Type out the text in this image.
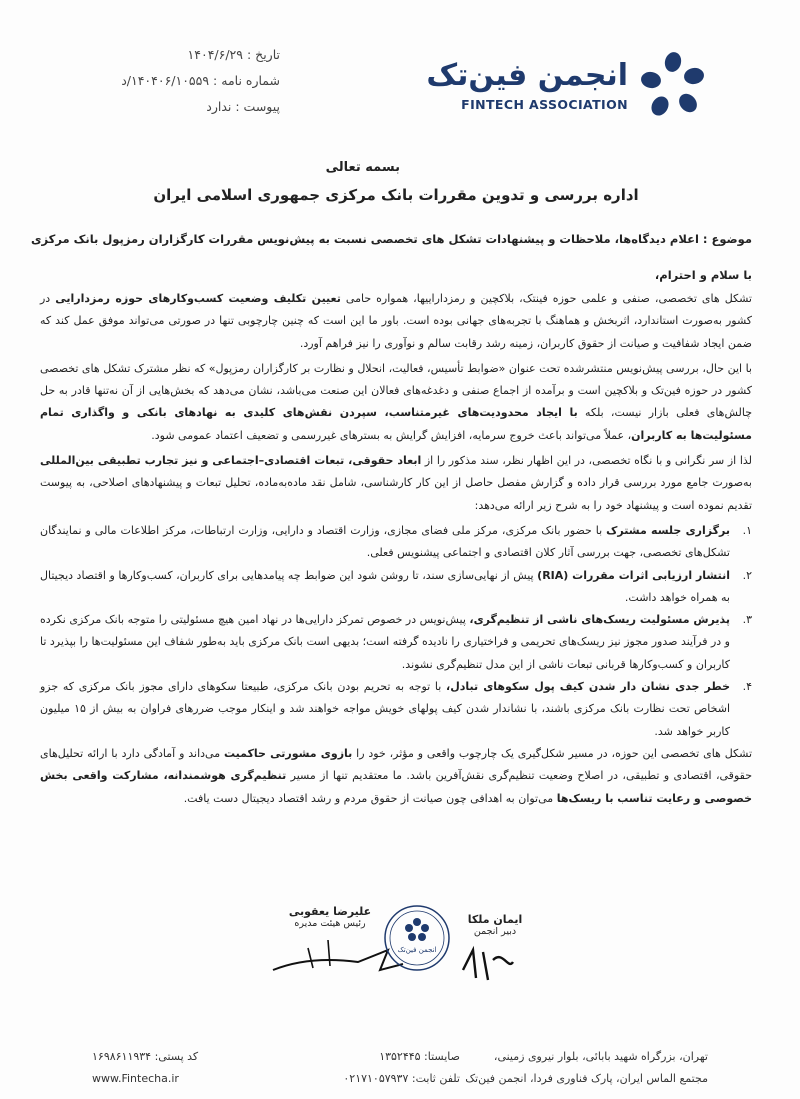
انجمن فین‌تک
FINTECH ASSOCIATION
تاریخ : ۱۴۰۴/۶/۲۹
شماره نامه : ۱۴۰۴۰۶/۱۰۵۵۹/د
پیوست : ندارد
بسمه تعالی
اداره بررسی و تدوین مقررات بانک مرکزی جمهوری اسلامی ایران
موضوع : اعلام دیدگاه‌ها، ملاحظات و پیشنهادات تشکل های تخصصی نسبت به پیش‌نویس مقررات کارگزاران رمزپول بانک مرکزی
با سلام و احترام،

تشکل های تخصصی، صنفی و علمی حوزه فینتک، بلاکچین و رمزداراییها، همواره حامی تعیین تکلیف وضعیت کسب‌وکارهای حوزه رمزدارایی در کشور به‌صورت استاندارد، اثربخش و هماهنگ با تجربه‌های جهانی بوده است. باور ما این است که چنین چارچوبی تنها در صورتی می‌تواند موفق عمل کند که ضمن ایجاد شفافیت و صیانت از حقوق کاربران، زمینه رشد رقابت سالم و نوآوری را نیز فراهم آورد.

با این حال، بررسی پیش‌نویس منتشرشده تحت عنوان «ضوابط تأسیس، فعالیت، انحلال و نظارت بر کارگزاران رمزپول» که نظر مشترک تشکل های تخصصی کشور در حوزه فین‌تک و بلاکچین است و برآمده از اجماع صنفی و دغدغه‌های فعالان این صنعت می‌باشد، نشان می‌دهد که بخش‌هایی از آن نه‌تنها قادر به حل چالش‌های فعلی بازار نیست، بلکه با ایجاد محدودیت‌های غیرمتناسب، سپردن نقش‌های کلیدی به نهادهای بانکی و واگذاری تمام مسئولیت‌ها به کاربران، عملاً می‌تواند باعث خروج سرمایه، افزایش گرایش به بسترهای غیررسمی و تضعیف اعتماد عمومی شود.

لذا از سر نگرانی و با نگاه تخصصی، در این اظهار نظر، سند مذکور را از ابعاد حقوقی، تبعات اقتصادی–اجتماعی و نیز تجارب تطبیقی بین‌المللی به‌صورت جامع مورد بررسی قرار داده و گزارش مفصل حاصل از این کار کارشناسی، شامل نقد ماده‌به‌ماده، تحلیل تبعات و پیشنهادهای اصلاحی، به پیوست تقدیم نموده است و پیشنهاد خود را به شرح زیر ارائه می‌دهد:

۱.
برگزاری جلسه مشترک با حضور بانک مرکزی، مرکز ملی فضای مجازی، وزارت اقتصاد و دارایی، وزارت ارتباطات، مرکز اطلاعات مالی و نمایندگان تشکل‌های تخصصی، جهت بررسی آثار کلان اقتصادی و اجتماعی پیشنویس فعلی.
۲.
انتشار ارزیابی اثرات مقررات (RIA) پیش از نهایی‌سازی سند، تا روشن شود این ضوابط چه پیامدهایی برای کاربران، کسب‌وکارها و اقتصاد دیجیتال به همراه خواهد داشت.
۳.
پذیرش مسئولیت ریسک‌های ناشی از تنظیم‌گری، پیش‌نویس در خصوص تمرکز دارایی‌ها در نهاد امین هیچ مسئولیتی را متوجه بانک مرکزی نکرده و در فرآیند صدور مجوز نیز ریسک‌های تحریمی و فراختیاری را نادیده گرفته است؛ بدیهی است بانک مرکزی باید به‌طور شفاف این مسئولیت‌ها را بپذیرد تا کاربران و کسب‌وکارها قربانی تبعات ناشی از این مدل تنظیم‌گری نشوند.
۴.
خطر جدی نشان دار شدن کیف پول سکوهای تبادل، با توجه به تحریم بودن بانک مرکزی، طبیعتا سکوهای دارای مجوز بانک مرکزی که جزو اشخاص تحت نظارت بانک مرکزی باشند، با نشاندار شدن کیف پولهای خویش مواجه خواهند شد و اینکار موجب ضررهای فراوان به بیش از ۱۵ میلیون کاربر خواهد شد.

تشکل های تخصصی این حوزه، در مسیر شکل‌گیری یک چارچوب واقعی و مؤثر، خود را بازوی مشورتی حاکمیت می‌داند و آمادگی دارد با ارائه تحلیل‌های حقوقی، اقتصادی و تطبیقی، در اصلاح وضعیت تنظیم‌گری نقش‌آفرین باشد. ما معتقدیم تنها از مسیر تنظیم‌گری هوشمندانه، مشارکت واقعی بخش خصوصی و رعایت تناسب با ریسک‌ها می‌توان به اهدافی چون صیانت از حقوق مردم و رشد اقتصاد دیجیتال دست یافت.

علیرضا یعقوبی
رئیس هیئت مدیره
انجمن فین‌تک
ایمان ملکا
دبیر انجمن
تهران، بزرگراه شهید بابائی، بلوار نیروی زمینی،
مجتمع الماس ایران، پارک فناوری فردا، انجمن فین‌تک
صایستا: ۱۳۵۲۴۴۵
تلفن ثابت: ۰۲۱۷۱۰۵۷۹۳۷
کد پستی: ۱۶۹۸۶۱۱۹۳۴
www.Fintecha.ir
